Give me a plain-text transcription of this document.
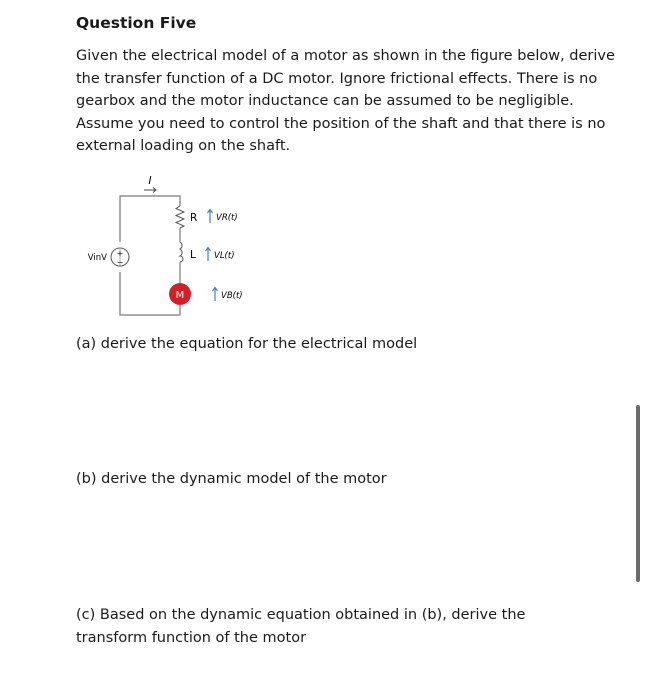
Question Five

Given the electrical model of a motor as shown in the figure below, derive the transfer function of a DC motor. Ignore frictional effects. There is no gearbox and the motor inductance can be assumed to be negligible. Assume you need to control the position of the shaft and that there is no external loading on the shaft.

I
+
−
VinV
R VR(t)
L VL(t)
M	VB(t)

(a) derive the equation for the electrical model

(b) derive the dynamic model of the motor

(c) Based on the dynamic equation obtained in (b), derive the transform function of the motor
